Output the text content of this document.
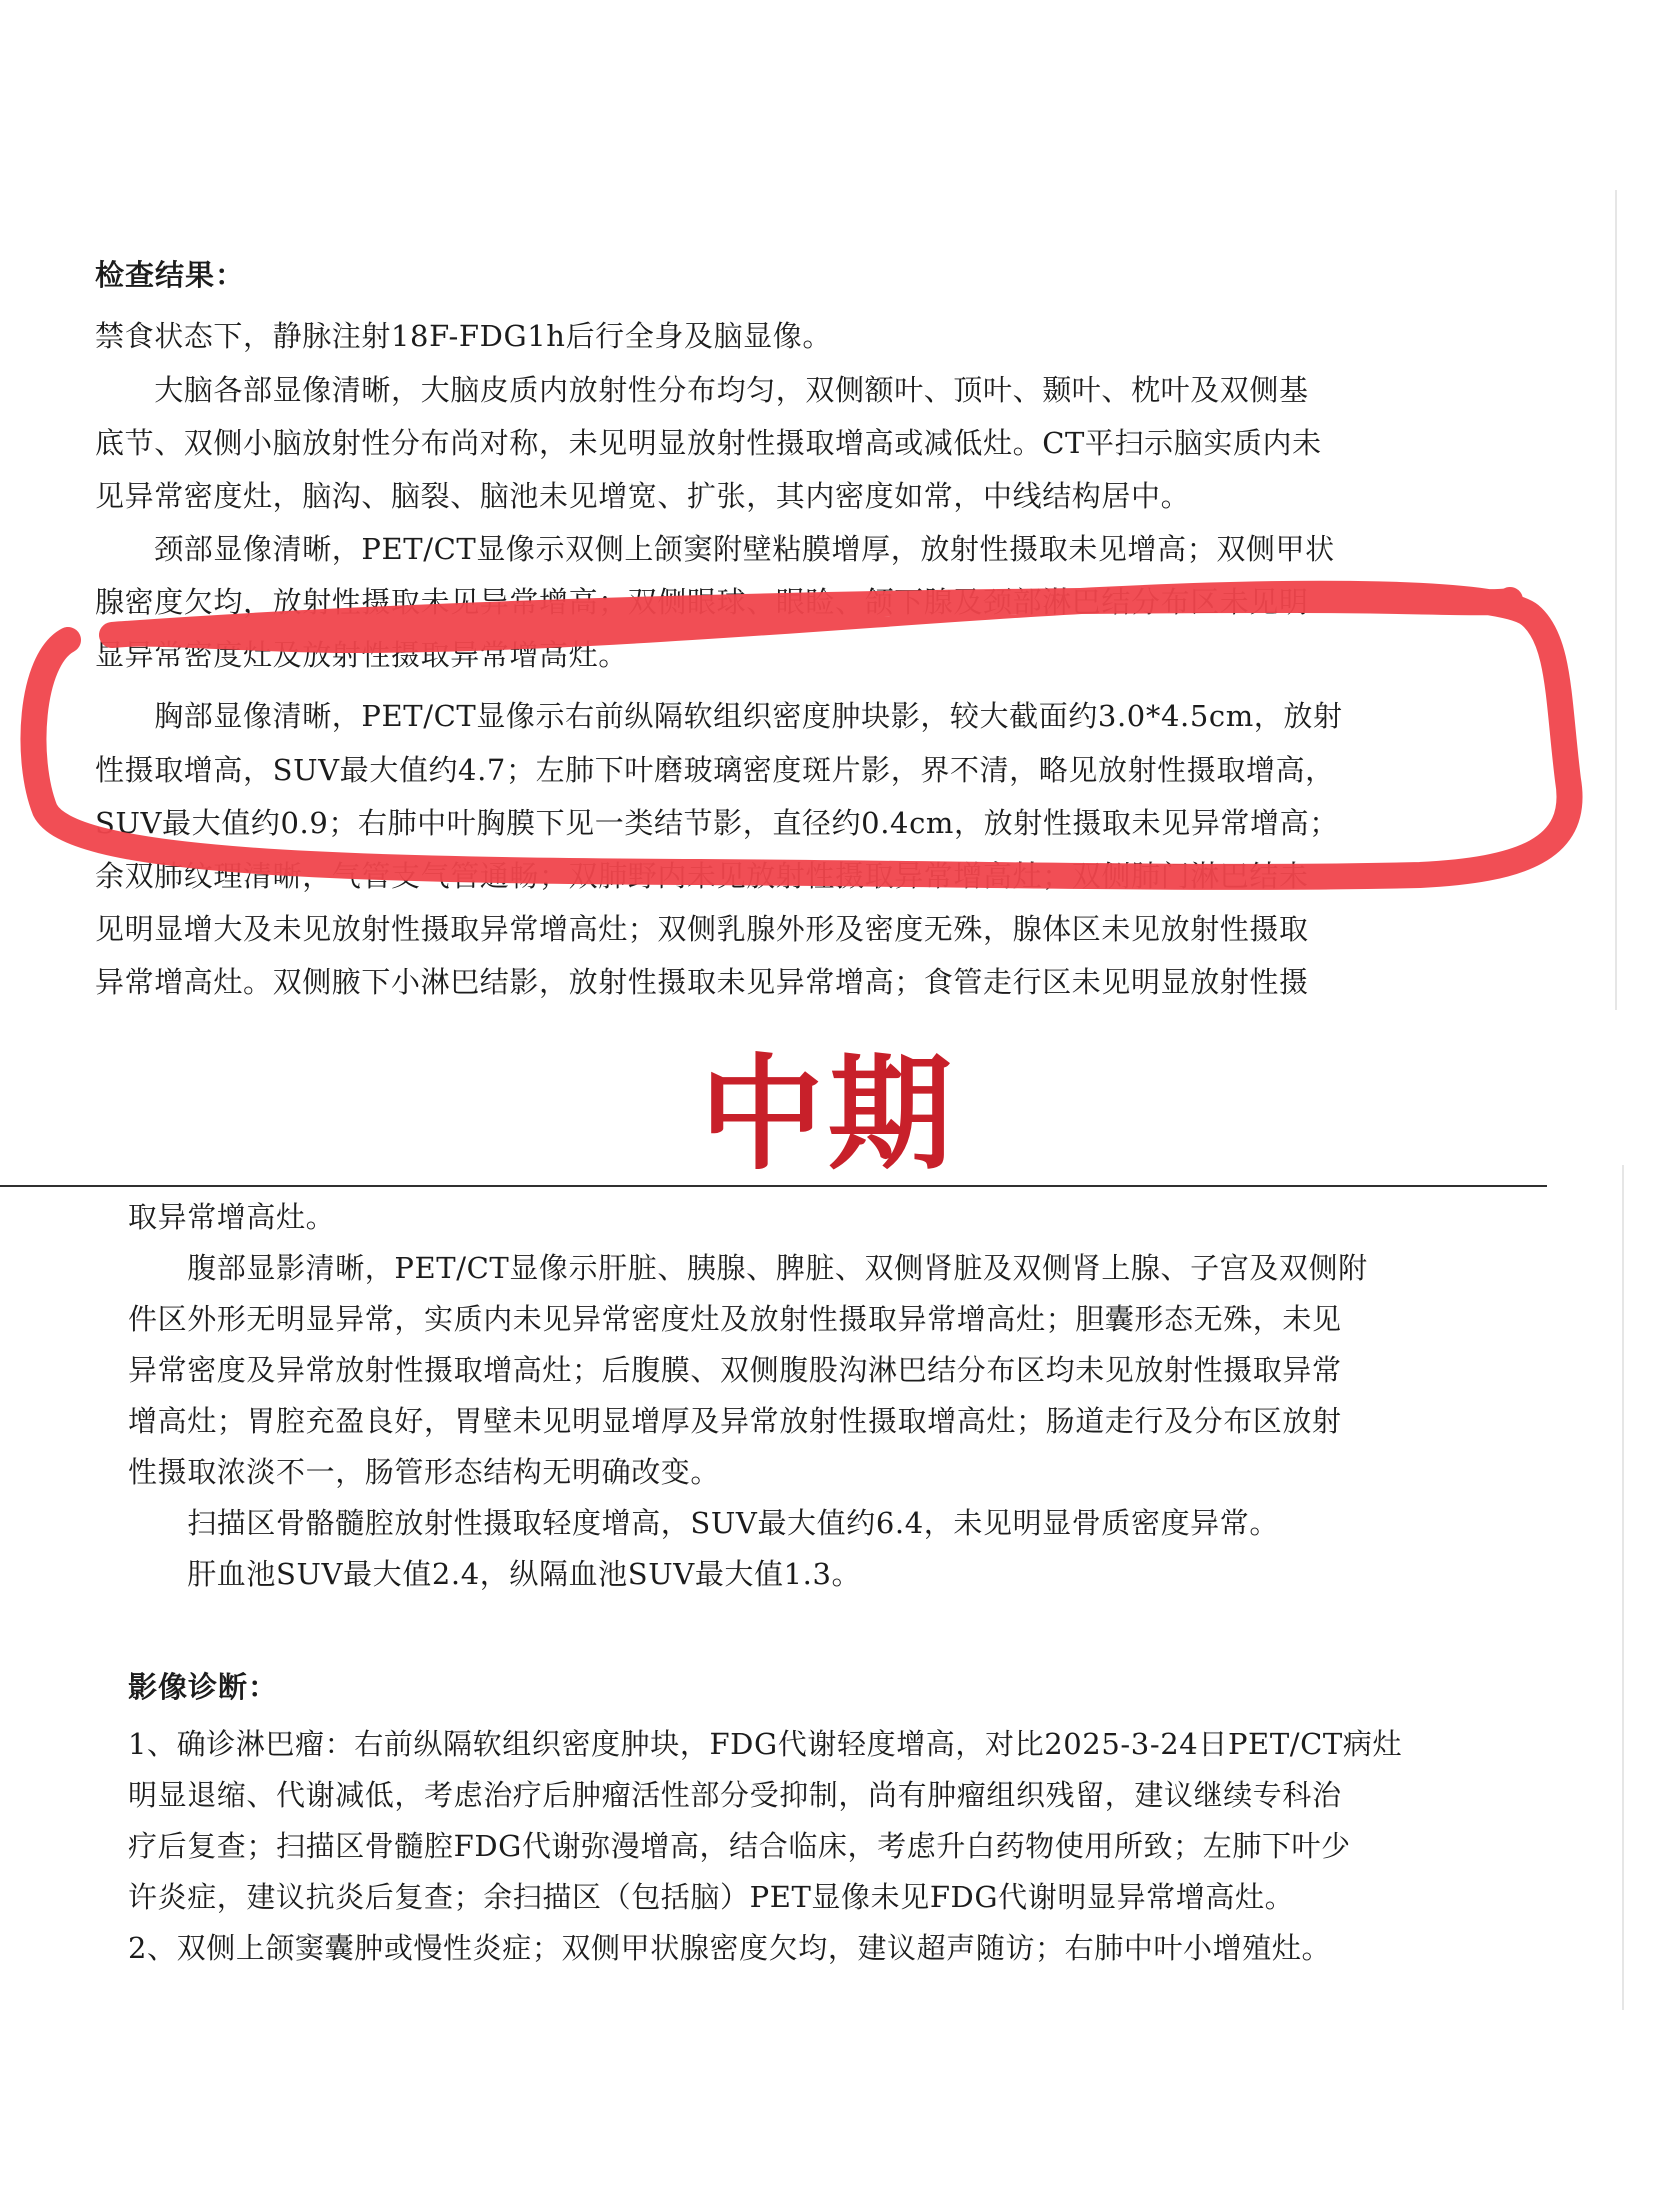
检查结果：
禁食状态下，静脉注射18F-FDG1h后行全身及脑显像。
　　大脑各部显像清晰，大脑皮质内放射性分布均匀，双侧额叶、顶叶、颞叶、枕叶及双侧基
底节、双侧小脑放射性分布尚对称，未见明显放射性摄取增高或减低灶。CT平扫示脑实质内未
见异常密度灶，脑沟、脑裂、脑池未见增宽、扩张，其内密度如常，中线结构居中。
　　颈部显像清晰，PET/CT显像示双侧上颌窦附壁粘膜增厚，放射性摄取未见增高；双侧甲状
腺密度欠均，放射性摄取未见异常增高；双侧眼球、眼睑、颌下腺及颈部淋巴结分布区未见明
显异常密度灶及放射性摄取异常增高灶。
　　胸部显像清晰，PET/CT显像示右前纵隔软组织密度肿块影，较大截面约3.0*4.5cm，放射
性摄取增高，SUV最大值约4.7；左肺下叶磨玻璃密度斑片影，界不清，略见放射性摄取增高，
SUV最大值约0.9；右肺中叶胸膜下见一类结节影，直径约0.4cm，放射性摄取未见异常增高；
余双肺纹理清晰，气管支气管通畅；双肺野内未见放射性摄取异常增高灶；双侧肺门淋巴结未
见明显增大及未见放射性摄取异常增高灶；双侧乳腺外形及密度无殊，腺体区未见放射性摄取
异常增高灶。双侧腋下小淋巴结影，放射性摄取未见异常增高；食管走行区未见明显放射性摄
中期
取异常增高灶。
　　腹部显影清晰，PET/CT显像示肝脏、胰腺、脾脏、双侧肾脏及双侧肾上腺、子宫及双侧附
件区外形无明显异常，实质内未见异常密度灶及放射性摄取异常增高灶；胆囊形态无殊，未见
异常密度及异常放射性摄取增高灶；后腹膜、双侧腹股沟淋巴结分布区均未见放射性摄取异常
增高灶；胃腔充盈良好，胃壁未见明显增厚及异常放射性摄取增高灶；肠道走行及分布区放射
性摄取浓淡不一，肠管形态结构无明确改变。
　　扫描区骨骼髓腔放射性摄取轻度增高，SUV最大值约6.4，未见明显骨质密度异常。
　　肝血池SUV最大值2.4，纵隔血池SUV最大值1.3。
影像诊断：
1、确诊淋巴瘤：右前纵隔软组织密度肿块，FDG代谢轻度增高，对比2025-3-24日PET/CT病灶
明显退缩、代谢减低，考虑治疗后肿瘤活性部分受抑制，尚有肿瘤组织残留，建议继续专科治
疗后复查；扫描区骨髓腔FDG代谢弥漫增高，结合临床，考虑升白药物使用所致；左肺下叶少
许炎症，建议抗炎后复查；余扫描区（包括脑）PET显像未见FDG代谢明显异常增高灶。
2、双侧上颌窦囊肿或慢性炎症；双侧甲状腺密度欠均，建议超声随访；右肺中叶小增殖灶。
